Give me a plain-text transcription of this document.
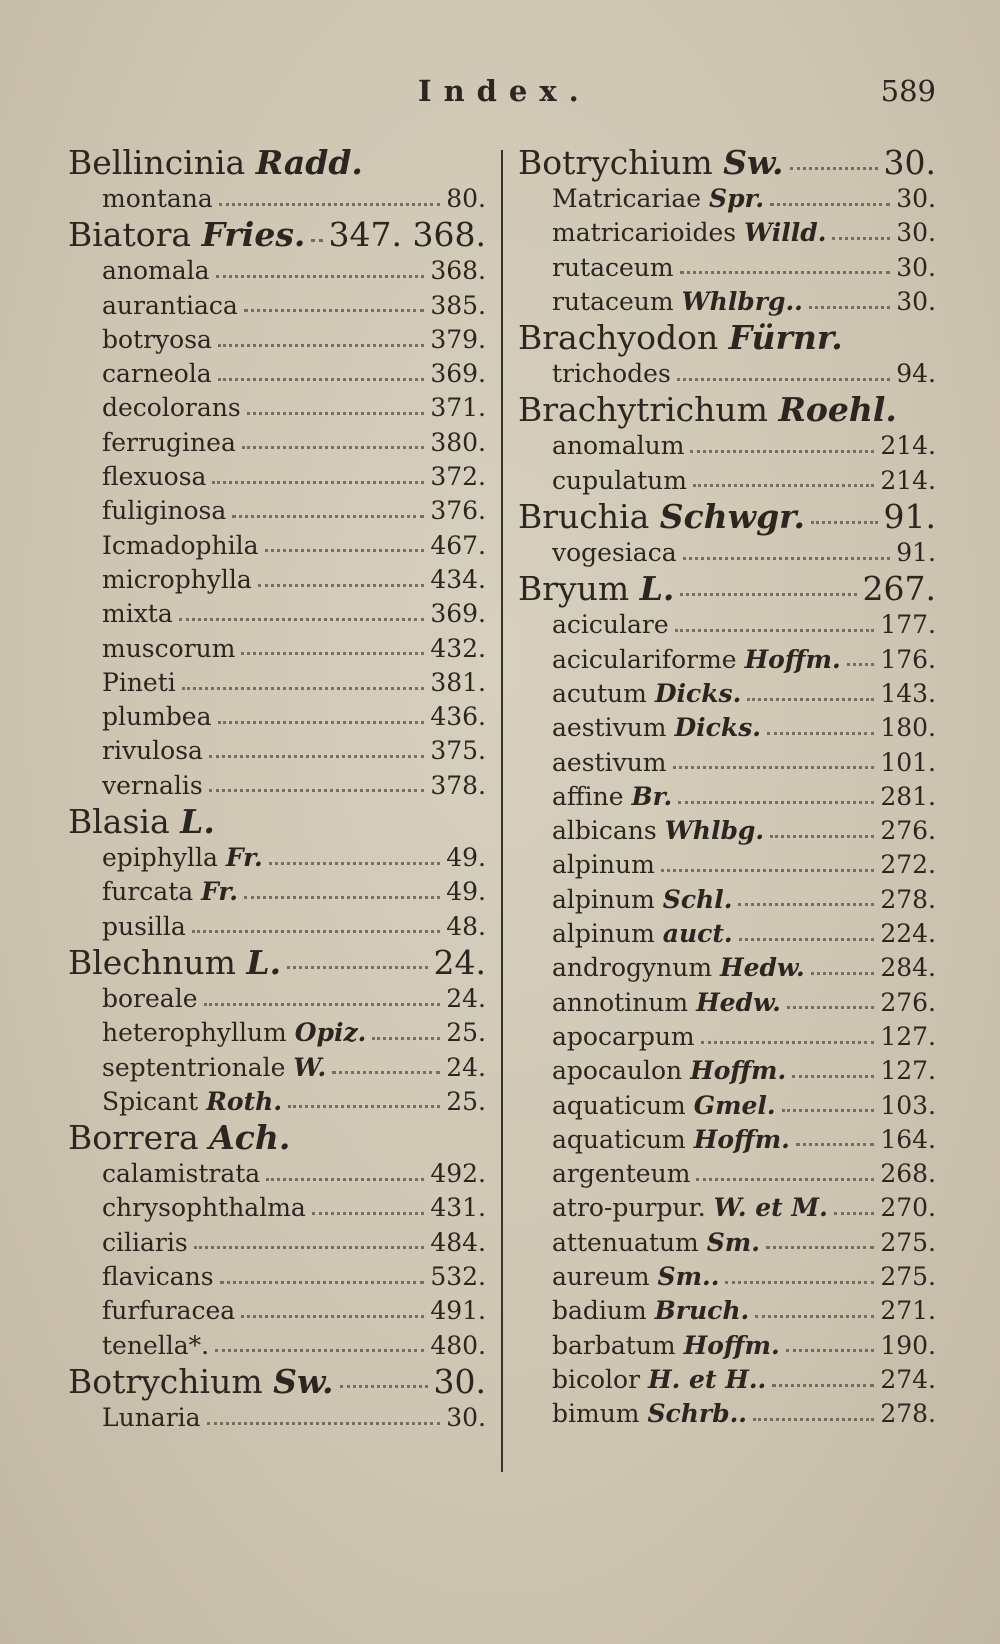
Index.	589
Bellincinia Radd.
montana	80.
Biatora Fries. 347. 368.
anomala	368.
aurantiaca	385.
botryosa	379.
carneola	369.
decolorans	371.
ferruginea	380.
flexuosa	372.
fuliginosa	376.
Icmadophila	467.
microphylla	434.
mixta	369.
muscorum	432.
Pineti	381.
plumbea	436.
rivulosa	375.
vernalis	378.
Blasia L.
epiphylla Fr.	49.
furcata Fr.	49.
pusilla	48.
Blechnum L.	24.
boreale	24.
heterophyllum Opiz.	25.
septentrionale W.	24.
Spicant Roth.	25.
Borrera Ach.
calamistrata	492.
chrysophthalma	431.
ciliaris	484.
flavicans	532.
furfuracea	491.
tenella*.	480.
Botrychium Sw.	30.
Lunaria	30.
Botrychium Sw.	30.
Matricariae Spr.	30.
matricarioides Willd.	30.
rutaceum	30.
rutaceum Whlbrg..	30.
Brachyodon Fürnr.
trichodes	94.
Brachytrichum Roehl.
anomalum	214.
cupulatum	214.
Bruchia Schwgr. 91.
vogesiaca	91.
Bryum L.	267.
aciculare	177.
aciculariforme Hoffm. 176.
acutum Dicks.	143.
aestivum Dicks.	180.
aestivum	101.
affine Br.	281.
albicans Whlbg.	276.
alpinum	272.
alpinum Schl.	278.
alpinum auct.	224.
androgynum Hedw.	284.
annotinum Hedw.	276.
apocarpum	127.
apocaulon Hoffm.	127.
aquaticum Gmel.	103.
aquaticum Hoffm.	164.
argenteum	268.
atro-purpur. W. et M. 270.
attenuatum Sm.	275.
aureum Sm..	275.
badium Bruch.	271.
barbatum Hoffm.	190.
bicolor H. et H..	274.
bimum Schrb..	278.
